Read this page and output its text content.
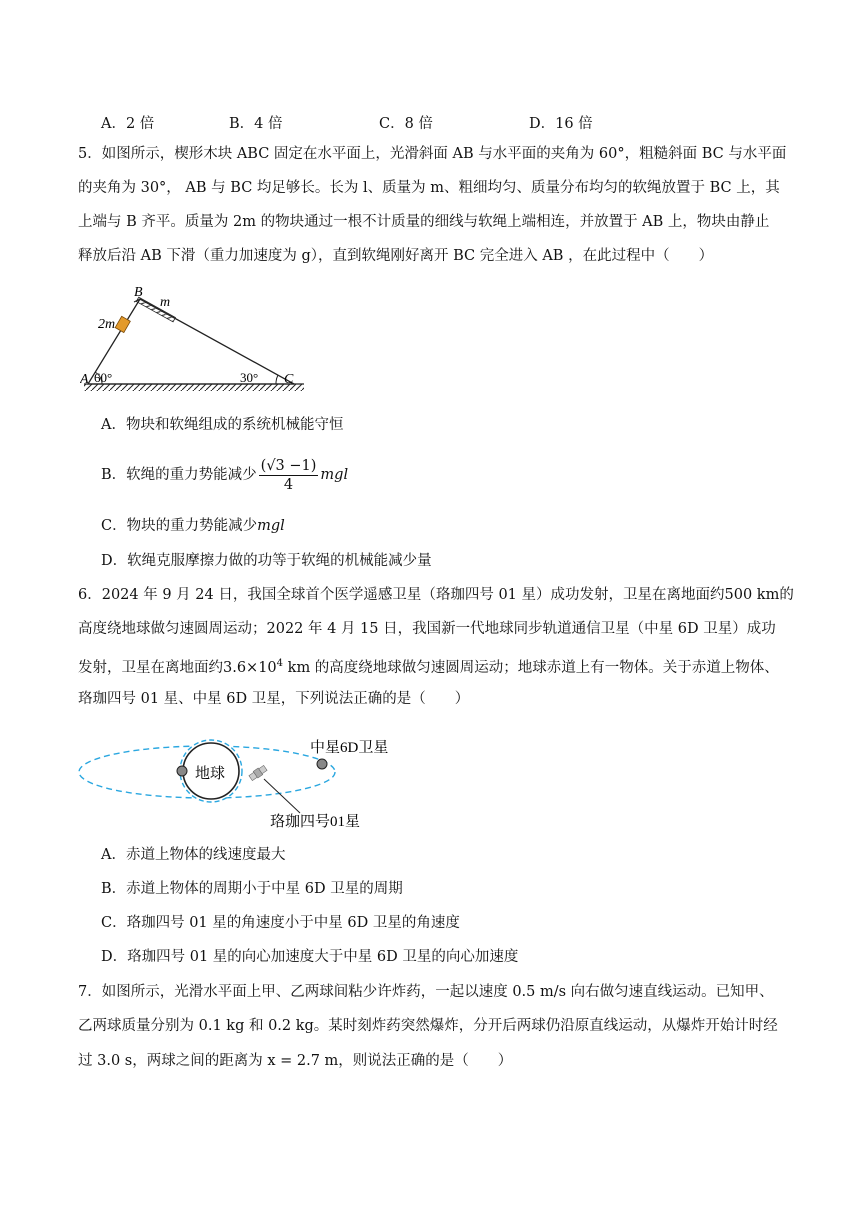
A．2 倍	B．4 倍	C．8 倍	D．16 倍
5．如图所示，楔形木块 ABC 固定在水平面上，光滑斜面 AB 与水平面的夹角为 60°，粗糙斜面 BC 与水平面
的夹角为 30°， AB 与 BC 均足够长。长为 l、质量为 m、粗细均匀、质量分布均匀的软绳放置于 BC 上，其
上端与 B 齐平。质量为 2m 的物块通过一根不计质量的细线与软绳上端相连，并放置于 AB 上，物块由静止
释放后沿 AB 下滑（重力加速度为 g），直到软绳刚好离开 BC 完全进入 AB ，在此过程中（　　）
B
m
2m
A 60°	30° C
A．物块和软绳组成的系统机械能守恒
B．软绳的重力势能减少 $\frac{(√3 -1)}{4}$ mgl
C．物块的重力势能减少mgl
D．软绳克服摩擦力做的功等于软绳的机械能减少量
6．2024 年 9 月 24 日，我国全球首个医学遥感卫星（珞珈四号 01 星）成功发射，卫星在离地面约500 km的
高度绕地球做匀速圆周运动；2022 年 4 月 15 日，我国新一代地球同步轨道通信卫星（中星 6D 卫星）成功
发射，卫星在离地面约$3.6\times 10^4$ km 的高度绕地球做匀速圆周运动；地球赤道上有一物体。关于赤道上物体、
珞珈四号 01 星、中星 6D 卫星，下列说法正确的是（　　）
地球
中星6D卫星
珞珈四号01星
A．赤道上物体的线速度最大
B．赤道上物体的周期小于中星 6D 卫星的周期
C．珞珈四号 01 星的角速度小于中星 6D 卫星的角速度
D．珞珈四号 01 星的向心加速度大于中星 6D 卫星的向心加速度
7．如图所示，光滑水平面上甲、乙两球间粘少许炸药，一起以速度 0.5 m/s 向右做匀速直线运动。已知甲、
乙两球质量分别为 0.1 kg 和 0.2 kg。某时刻炸药突然爆炸，分开后两球仍沿原直线运动，从爆炸开始计时经
过 3.0 s，两球之间的距离为 x = 2.7 m，则说法正确的是（　　）
